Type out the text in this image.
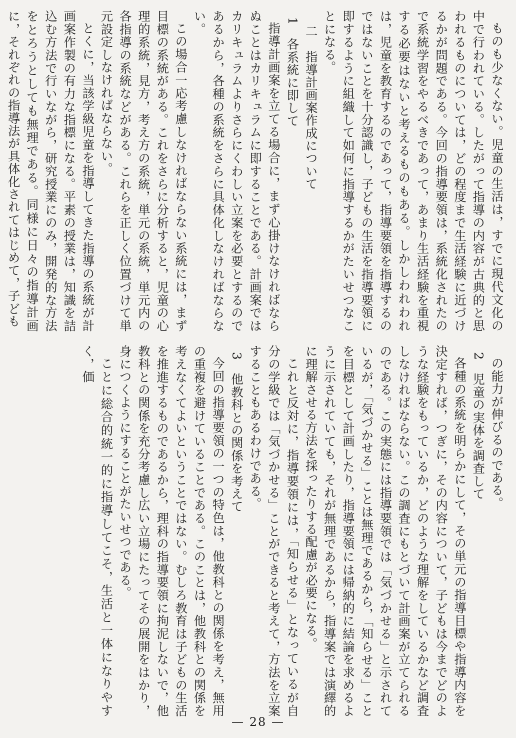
ものも少なくない。児童の生活は，すでに現代文化の中で行われている。したがって指導の内容が古典的と思われるものについては，どの程度まで生活経験に近づけるかが問題である。今回の指導要領は，系統化されたので系統学習をやるべきであって，あまり生活経験を重視する必要はないと考えるものもある。しかしわれわれは，児童を教育するのであって，指導要領を指導するのではないことを十分認識し，子どもの生活を指導要領に即するように組織して如何に指導するかがたいせつなことになる。

二　指導計画案作成について

1　各系統に即して

指導計画案を立てる場合に，まず心掛けなければならぬことはカリキュラムに即することである。計画案ではカリキュラムよりさらにくわしい立案を必要とするのであるから，各種の系統をさらに具体化しなければならない。

この場合一応考慮しなければならない系統には，まず目標の系統がある。これをさらに分析すると，児童の心理的系統，見方，考え方の系統，単元の系統，単元内の各指導の系統などがある。これらを正しく位置づけて単元設定しなければならない。

とくに，当該学級児童を指導してきた指導の系統が計画案作製の有力な指標になる。平素の授業は，知識を詰込む方法で行いながら，研究授業にのみ，開発的な方法をとろうとしても無理である。同様に日々の指導計画に，それぞれの指導法が具体化されてはじめて，子ども

の能力が伸びるのである。

2　児童の実体を調査して

各種の系統を明らかにして，その単元の指導目標や指導内容を決定すれば，つぎに，その内容について，子どもは今までどのような経験をもっているか，どのような理解をしているかなど調査しなければならない。この調査にもとづいて計画案が立てられるのである。この実態には指導要領では「気づかせる」と示されているが，「気づかせる」ことは無理であるから，「知らせる」ことを目標として計画したり，指導要領には帰納的に結論を求めるように示されていても，それが無理であるから，指導案では演繹的に理解させる方法を採ったりする配慮が必要になる。

これと反対に，指導要領には，「知らせる」となっているが自分の学級では「気づかせる」ことができると考えて，方法を立案することもあるわけである。

3　他教科との関係を考えて

今回の指導要領の一つの特色は，他教科との関係を考え，無用の重複を避けていることである。このことは，他教科との関係を考えなくてよいということではない。むしろ教育は子どもの生活を推進するものであるから，理科の指導要領に拘泥しないで，他教科との関係を充分考慮し広い立場にたってその展開をはかり，身につくようにすることがたいせつである。

ことに総合的統一的に指導してこそ，生活と一体になりやすく，価

— 28 —
